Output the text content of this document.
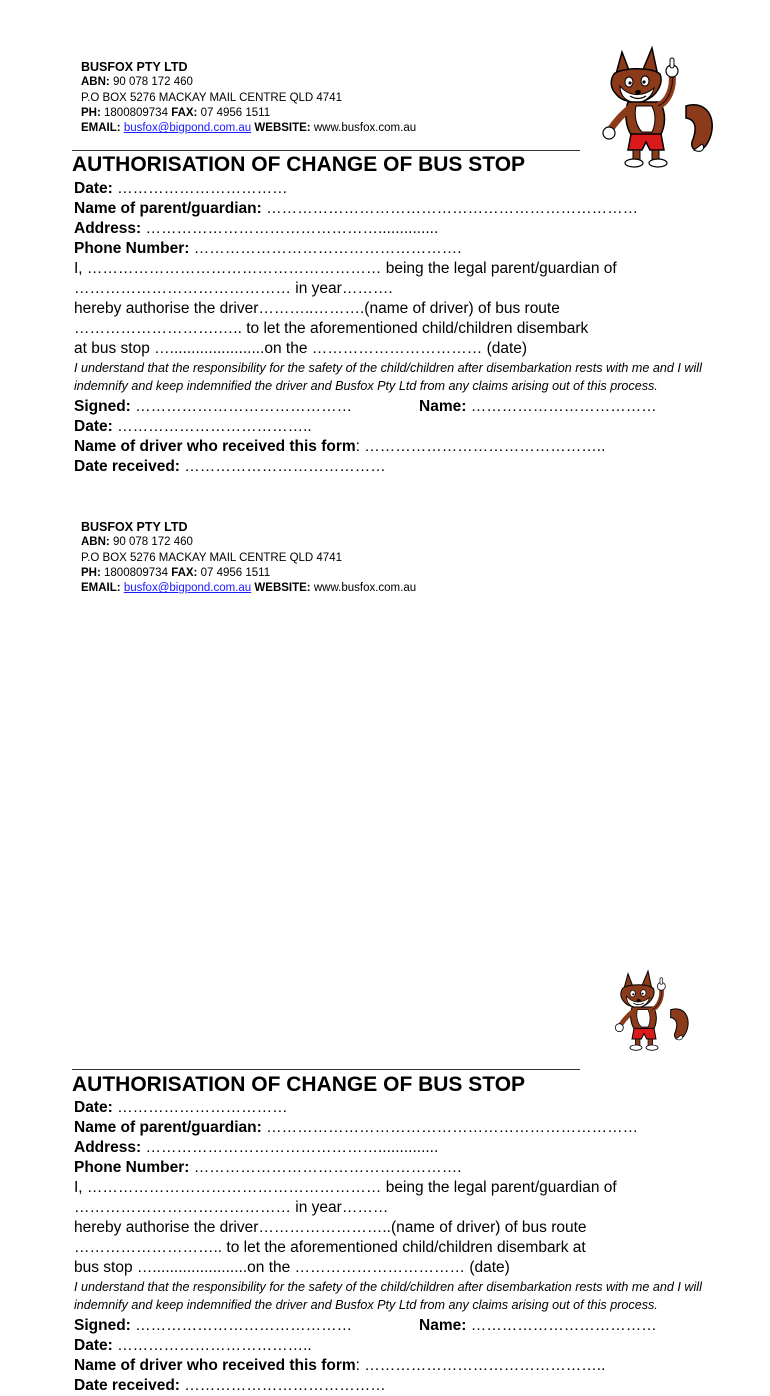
BUSFOX PTY LTD
ABN: 90 078 172 460
P.O BOX 5276 MACKAY MAIL CENTRE QLD 4741
PH: 1800809734 FAX: 07 4956 1511
EMAIL: busfox@bigpond.com.au WEBSITE: www.busfox.com.au
AUTHORISATION OF CHANGE OF BUS STOP
Date: ……………………………
Name of parent/guardian: ………………………………………………………………
Address: ………………………………………..............
Phone Number: …………………………………………….
I, ………………………………………………… being the legal parent/guardian of
…………………………………… in year……….
hereby authorise the driver………..……….(name of driver) of bus route
……………………….….. to let the aforementioned child/children disembark
at bus stop …......................on the …………………………… (date)
I understand that the responsibility for the safety of the child/children after disembarkation rests with me and I will indemnify and keep indemnified the driver and Busfox Pty Ltd from any claims arising out of this process.
Signed: ……………………………………	Name: ………………………………
Date: ………………………………..
Name of driver who received this form: ………………………………………..
Date received: …………………………………
BUSFOX PTY LTD
ABN: 90 078 172 460
P.O BOX 5276 MACKAY MAIL CENTRE QLD 4741
PH: 1800809734 FAX: 07 4956 1511
EMAIL: busfox@bigpond.com.au WEBSITE: www.busfox.com.au
AUTHORISATION OF CHANGE OF BUS STOP
Date: ……………………………
Name of parent/guardian: ………………………………………………………………
Address: ………………………………………..............
Phone Number: …………………………………………….
I, ………………………………………………… being the legal parent/guardian of
…………………………………… in year………
hereby authorise the driver……………………..(name of driver) of bus route
……………………….. to let the aforementioned child/children disembark at
bus stop …......................on the …………………………… (date)
I understand that the responsibility for the safety of the child/children after disembarkation rests with me and I will indemnify and keep indemnified the driver and Busfox Pty Ltd from any claims arising out of this process.
Signed: ……………………………………	Name: ………………………………
Date: ………………………………..
Name of driver who received this form: ………………………………………..
Date received: …………………………………
